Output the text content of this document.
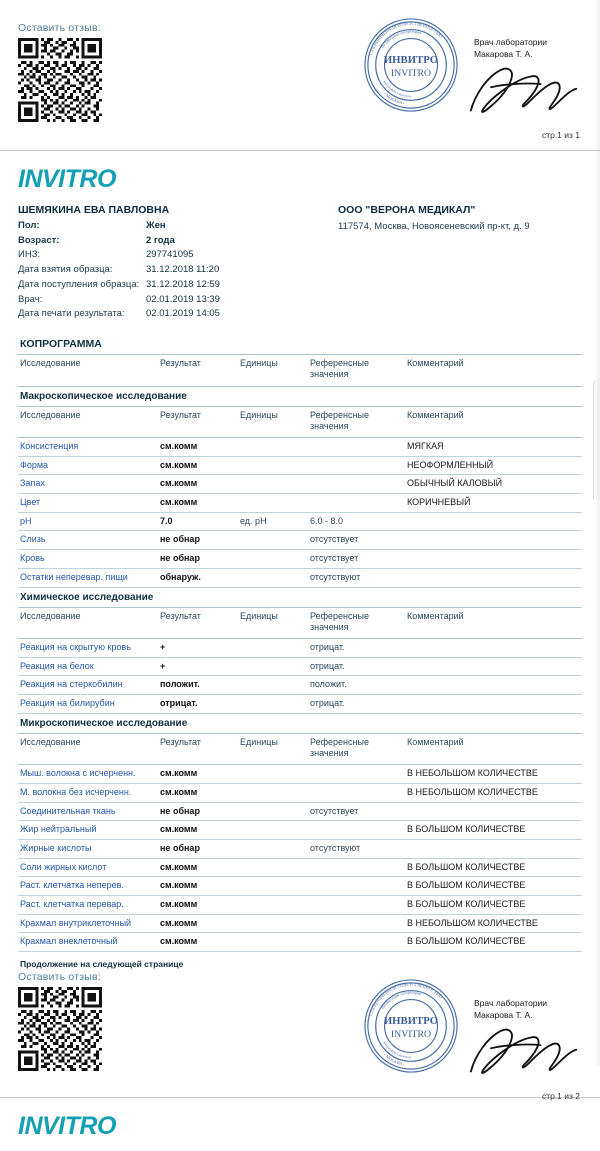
Оставить отзыв:
С ОГРАНИЧЕННОЙ ОТВЕТСТВЕННОСТЬЮ
• МОСКВА •
Независимая лаборатория
Independent Laboratory
ИНВИТРО
INVITRO
Врач лаборатории
Макарова Т. А.
стр.1 из 1
INVITRO
ШЕМЯКИНА ЕВА ПАВЛОВНА
Пол:	Жен
Возраст:	2 года
ИНЗ:	297741095
Дата взятия образца:	31.12.2018 11:20
Дата поступления образца: 31.12.2018 12:59
Врач:	02.01.2019 13:39
Дата печати результата:	02.01.2019 14:05
ООО "ВЕРОНА МЕДИКАЛ"
117574, Москва, Новоясеневский пр-кт, д. 9
КОПРОГРАММА
Исследование	Результат	Единицы	Референсные
значения	Комментарий
Макроскопическое исследование
Исследование	Результат	Единицы	Референсные
значения	Комментарий
Консистенция	см.комм			МЯГКАЯ
Форма	см.комм			НЕОФОРМЛЕННЫЙ
Запах	см.комм			ОБЫЧНЫЙ КАЛОВЫЙ
Цвет	см.комм			КОРИЧНЕВЫЙ
pH	7.0	ед. pH	6.0 - 8.0	
Слизь	не обнар		отсутствует	
Кровь	не обнар		отсутствует	
Остатки неперевар. пищи	обнаруж.		отсутствуют	
Химическое исследование
Исследование	Результат	Единицы	Референсные
значения	Комментарий
Реакция на скрытую кровь	+		отрицат.	
Реакция на белок	+		отрицат.	
Реакция на стеркобилин	положит.		положит.	
Реакция на билирубин	отрицат.		отрицат.	
Микроскопическое исследование
Исследование	Результат	Единицы	Референсные
значения	Комментарий
Мыш. волокна с исчерченн.	см.комм			В НЕБОЛЬШОМ КОЛИЧЕСТВЕ
М. волокна без исчерченн.	см.комм			В НЕБОЛЬШОМ КОЛИЧЕСТВЕ
Соединительная ткань	не обнар		отсутствует	
Жир нейтральный	см.комм			В БОЛЬШОМ КОЛИЧЕСТВЕ
Жирные кислоты	не обнар		отсутствуют	
Соли жирных кислот	см.комм			В БОЛЬШОМ КОЛИЧЕСТВЕ
Раст. клетчатка неперев.	см.комм			В БОЛЬШОМ КОЛИЧЕСТВЕ
Раст. клетчатка перевар.	см.комм			В БОЛЬШОМ КОЛИЧЕСТВЕ
Крахмал внутриклеточный	см.комм			В НЕБОЛЬШОМ КОЛИЧЕСТВЕ
Крахмал внеклеточный	см.комм			В БОЛЬШОМ КОЛИЧЕСТВЕ
Продолжение на следующей странице
Оставить отзыв:
С ОГРАНИЧЕННОЙ ОТВЕТСТВЕННОСТЬЮ
• МОСКВА •
Независимая лаборатория
Independent Laboratory
ИНВИТРО
INVITRO
Врач лаборатории
Макарова Т. А.
стр.1 из 2
INVITRO
